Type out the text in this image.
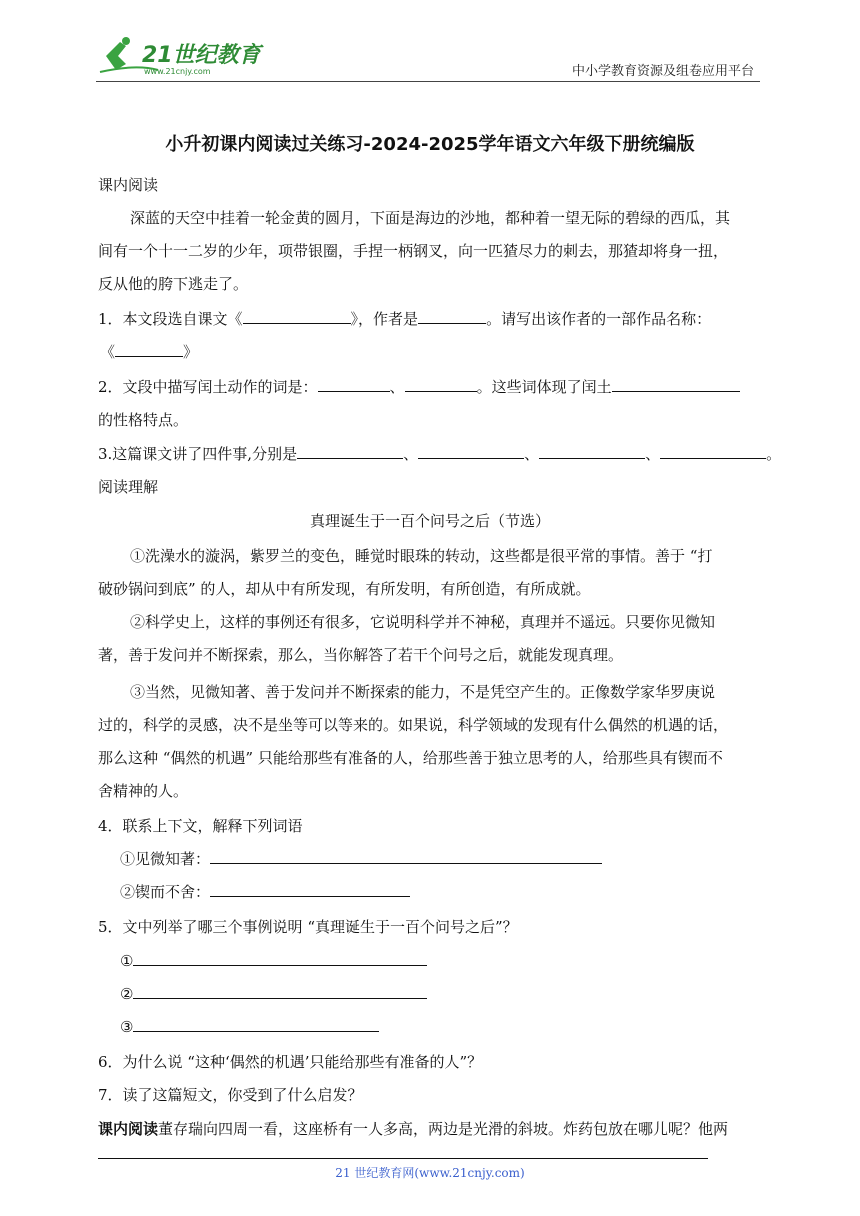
21世纪教育
www.21cnjy.com	中小学教育资源及组卷应用平台
小升初课内阅读过关练习-2024-2025学年语文六年级下册统编版
课内阅读
深蓝的天空中挂着一轮金黄的圆月，下面是海边的沙地，都种着一望无际的碧绿的西瓜，其
间有一个十一二岁的少年，项带银圈，手捏一柄钢叉，向一匹猹尽力的刺去，那猹却将身一扭，
反从他的胯下逃走了。
1．本文段选自课文《	》，作者是	。请写出该作者的一部作品名称：
《	》
2．文段中描写闰土动作的词是：	、	。这些词体现了闰土
的性格特点。
3.这篇课文讲了四件事,分别是	、	、	、	。
阅读理解
真理诞生于一百个问号之后（节选）
①洗澡水的漩涡，紫罗兰的变色，睡觉时眼珠的转动，这些都是很平常的事情。善于 “打
破砂锅问到底” 的人，却从中有所发现，有所发明，有所创造，有所成就。
②科学史上，这样的事例还有很多，它说明科学并不神秘，真理并不遥远。只要你见微知
著，善于发问并不断探索，那么，当你解答了若干个问号之后，就能发现真理。
③当然，见微知著、善于发问并不断探索的能力，不是凭空产生的。正像数学家华罗庚说
过的，科学的灵感，决不是坐等可以等来的。如果说，科学领域的发现有什么偶然的机遇的话，
那么这种 “偶然的机遇” 只能给那些有准备的人，给那些善于独立思考的人，给那些具有锲而不
舍精神的人。
4．联系上下文，解释下列词语
①见微知著：
②锲而不舍：
5．文中列举了哪三个事例说明 “真理诞生于一百个问号之后”？
①
②
③
6．为什么说 “这种‘偶然的机遇’只能给那些有准备的人”？
7．读了这篇短文，你受到了什么启发？
课内阅读董存瑞向四周一看，这座桥有一人多高，两边是光滑的斜坡。炸药包放在哪儿呢？他两
21 世纪教育网(www.21cnjy.com)
